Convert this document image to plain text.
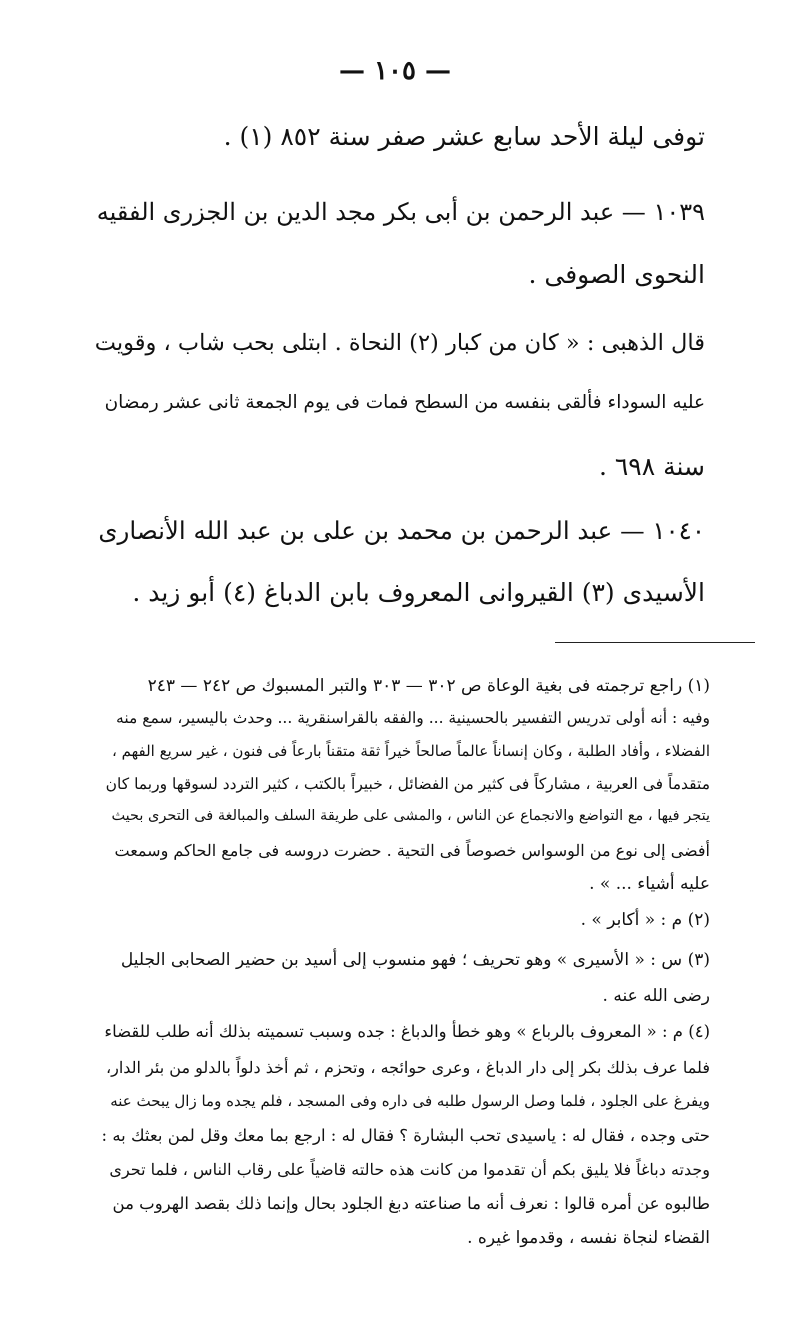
— ١٠٥ —
توفى ليلة الأحد سابع عشر صفر سنة ٨٥٢ (١) .
١٠٣٩ — عبد الرحمن بن أبى بكر مجد الدين بن الجزرى الفقيه
النحوى الصوفى .
قال الذهبى : « كان من كبار (٢) النحاة . ابتلى بحب شاب ، وقويت
عليه السوداء فألقى بنفسه من السطح فمات فى يوم الجمعة ثانى عشر رمضان
سنة ٦٩٨ .
١٠٤٠ — عبد الرحمن بن محمد بن على بن عبد الله الأنصارى
الأسيدى (٣) القيروانى المعروف بابن الدباغ (٤) أبو زيد .
(١) راجع ترجمته فى بغية الوعاة ص ٣٠٢ — ٣٠٣ والتبر المسبوك ص ٢٤٢ — ٢٤٣
وفيه : أنه أولى تدريس التفسير بالحسينية ... والفقه بالقراسنقرية ... وحدث باليسير، سمع منه
الفضلاء ، وأفاد الطلبة ، وكان إنساناً عالماً صالحاً خيراً ثقة متقناً بارعاً فى فنون ، غير سريع الفهم ،
متقدماً فى العربية ، مشاركاً فى كثير من الفضائل ، خبيراً بالكتب ، كثير التردد لسوقها وربما كان
يتجر فيها ، مع التواضع والانجماع عن الناس ، والمشى على طريقة السلف والمبالغة فى التحرى بحيث
أفضى إلى نوع من الوسواس خصوصاً فى التحية . حضرت دروسه فى جامع الحاكم وسمعت
عليه أشياء ... » .
(٢) م : « أكابر » .
(٣) س : « الأسيرى » وهو تحريف ؛ فهو منسوب إلى أسيد بن حضير الصحابى الجليل
رضى الله عنه .
(٤) م : « المعروف بالرباع » وهو خطأ والدباغ : جده وسبب تسميته بذلك أنه طلب للقضاء
فلما عرف بذلك بكر إلى دار الدباغ ، وعرى حوائجه ، وتحزم ، ثم أخذ دلواً بالدلو من بئر الدار،
ويفرغ على الجلود ، فلما وصل الرسول طلبه فى داره وفى المسجد ، فلم يجده وما زال يبحث عنه
حتى وجده ، فقال له : ياسيدى تحب البشارة ؟ فقال له : ارجع بما معك وقل لمن بعثك به :
وجدته دباغاً فلا يليق بكم أن تقدموا من كانت هذه حالته قاضياً على رقاب الناس ، فلما تحرى
طالبوه عن أمره قالوا : نعرف أنه ما صناعته دبغ الجلود بحال وإنما ذلك بقصد الهروب من
القضاء لنجاة نفسه ، وقدموا غيره .
